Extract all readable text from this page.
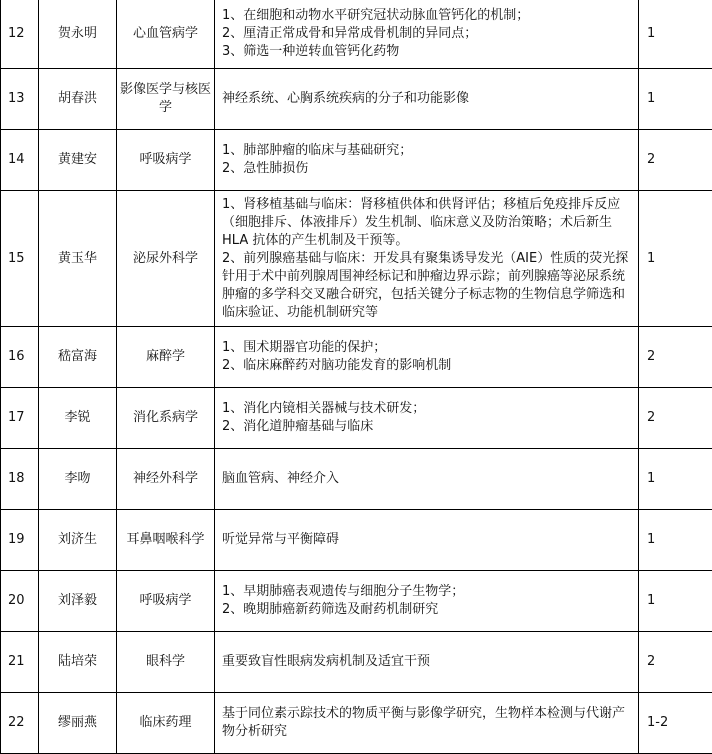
12	贺永明	心血管病学	1、在细胞和动物水平研究冠状动脉血管钙化的机制；
2、厘清正常成骨和异常成骨机制的异同点；
3、筛选一种逆转血管钙化药物	1
13	胡春洪	影像医学与核医学	神经系统、心胸系统疾病的分子和功能影像	1
14	黄建安	呼吸病学	1、肺部肿瘤的临床与基础研究；
2、急性肺损伤	2
15	黄玉华	泌尿外科学	1、肾移植基础与临床：肾移植供体和供肾评估；移植后免疫排斥反应（细胞排斥、体液排斥）发生机制、临床意义及防治策略；术后新生 HLA 抗体的产生机制及干预等。
2、前列腺癌基础与临床：开发具有聚集诱导发光（AIE）性质的荧光探针用于术中前列腺周围神经标记和肿瘤边界示踪；前列腺癌等泌尿系统肿瘤的多学科交叉融合研究，包括关键分子标志物的生物信息学筛选和临床验证、功能机制研究等	1
16	嵇富海	麻醉学	1、围术期器官功能的保护；
2、临床麻醉药对脑功能发育的影响机制	2
17	李锐	消化系病学	1、消化内镜相关器械与技术研发；
2、消化道肿瘤基础与临床	2
18	李吻	神经外科学	脑血管病、神经介入	1
19	刘济生	耳鼻咽喉科学	听觉异常与平衡障碍	1
20	刘泽毅	呼吸病学	1、早期肺癌表观遗传与细胞分子生物学；
2、晚期肺癌新药筛选及耐药机制研究	1
21	陆培荣	眼科学	重要致盲性眼病发病机制及适宜干预	2
22	缪丽燕	临床药理	基于同位素示踪技术的物质平衡与影像学研究，生物样本检测与代谢产物分析研究	1-2
